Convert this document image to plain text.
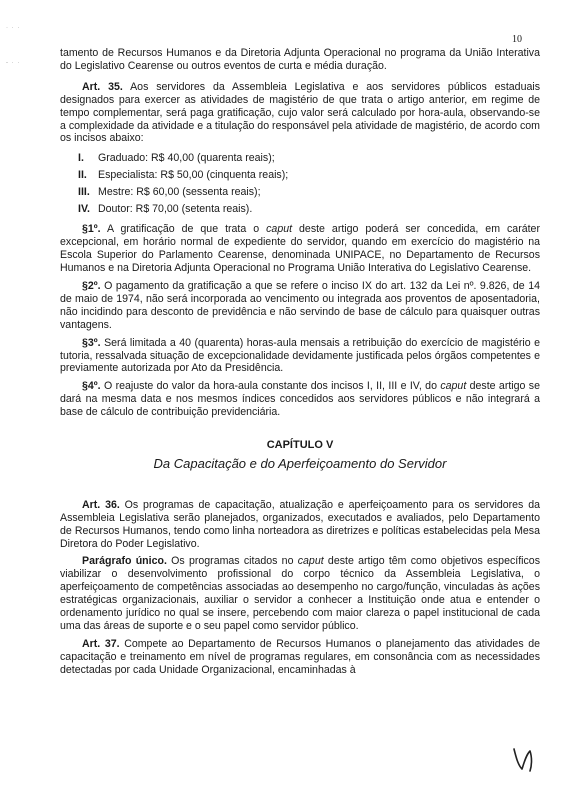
· · ·
- · ·
10

tamento de Recursos Humanos e da Diretoria Adjunta Operacional no programa da União Interativa do Legislativo Cearense ou outros eventos de curta e média duração.

Art. 35. Aos servidores da Assembleia Legislativa e aos servidores públicos estaduais designados para exercer as atividades de magistério de que trata o artigo anterior, em regime de tempo complementar, será paga gratificação, cujo valor será calculado por hora-aula, observando-se a complexidade da atividade e a titulação do responsável pela atividade de magistério, de acordo com os incisos abaixo:

I. Graduado: R$ 40,00 (quarenta reais);

II. Especialista: R$ 50,00 (cinquenta reais);

III. Mestre: R$ 60,00 (sessenta reais);

IV. Doutor: R$ 70,00 (setenta reais).

§1º. A gratificação de que trata o caput deste artigo poderá ser concedida, em caráter excepcional, em horário normal de expediente do servidor, quando em exercício do magistério na Escola Superior do Parlamento Cearense, denominada UNIPACE, no Departamento de Recursos Humanos e na Diretoria Adjunta Operacional no Programa União Interativa do Legislativo Cearense.

§2º. O pagamento da gratificação a que se refere o inciso IX do art. 132 da Lei nº. 9.826, de 14 de maio de 1974, não será incorporada ao vencimento ou integrada aos proventos de aposentadoria, não incidindo para desconto de previdência e não servindo de base de cálculo para quaisquer outras vantagens.

§3º. Será limitada a 40 (quarenta) horas-aula mensais a retribuição do exercício de magistério e tutoria, ressalvada situação de excepcionalidade devidamente justificada pelos órgãos competentes e previamente autorizada por Ato da Presidência.

§4º. O reajuste do valor da hora-aula constante dos incisos I, II, III e IV, do caput deste artigo se dará na mesma data e nos mesmos índices concedidos aos servidores públicos e não integrará a base de cálculo de contribuição previdenciária.

CAPÍTULO V

Da Capacitação e do Aperfeiçoamento do Servidor

Art. 36. Os programas de capacitação, atualização e aperfeiçoamento para os servidores da Assembleia Legislativa serão planejados, organizados, executados e avaliados, pelo Departamento de Recursos Humanos, tendo como linha norteadora as diretrizes e políticas estabelecidas pela Mesa Diretora do Poder Legislativo.

Parágrafo único. Os programas citados no caput deste artigo têm como objetivos específicos viabilizar o desenvolvimento profissional do corpo técnico da Assembleia Legislativa, o aperfeiçoamento de competências associadas ao desempenho no cargo/função, vinculadas às ações estratégicas organizacionais, auxiliar o servidor a conhecer a Instituição onde atua e entender o ordenamento jurídico no qual se insere, percebendo com maior clareza o papel institucional de cada uma das áreas de suporte e o seu papel como servidor público.

Art. 37. Compete ao Departamento de Recursos Humanos o planejamento das atividades de capacitação e treinamento em nível de programas regulares, em consonância com as necessidades detectadas por cada Unidade Organizacional, encaminhadas à
